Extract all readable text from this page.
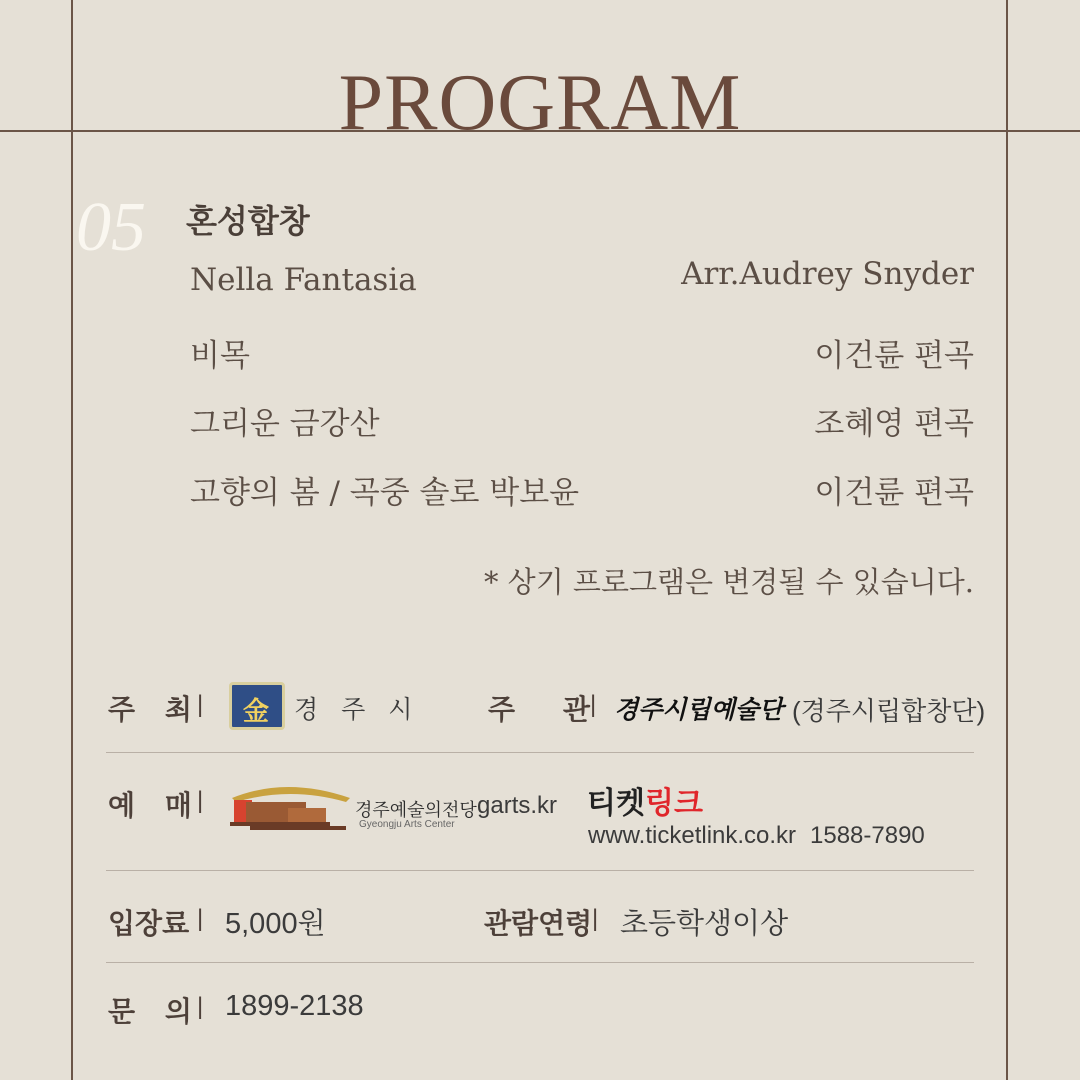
PROGRAM
05 혼성합창
Nella Fantasia	Arr.Audrey Snyder
비목	이건륜 편곡
그리운 금강산	조혜영 편곡
고향의 봄 / 곡중 솔로 박보윤	이건륜 편곡
* 상기 프로그램은 변경될 수 있습니다.
주 최 |
金	경 주 시 주 관
| 경주시립예술단 (경주시립합창단)
예 매 |	경주예술의전당 garts.kr
Gyeongju Arts Center
티켓링크
www.ticketlink.co.kr 1588-7890
입장료 | 5,000원	관람연령 | 초등학생이상
문 의 | 1899-2138
